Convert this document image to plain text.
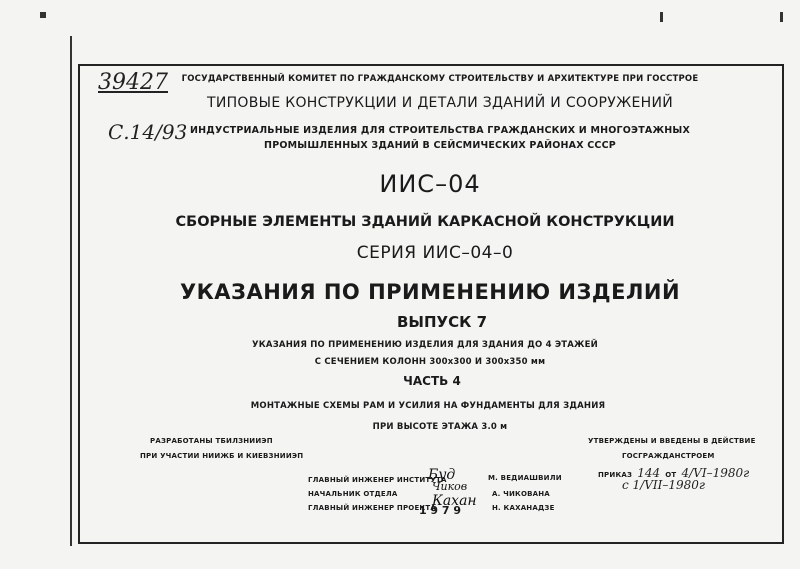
39427
С.14/93
ГОСУДАРСТВЕННЫЙ КОМИТЕТ ПО ГРАЖДАНСКОМУ СТРОИТЕЛЬСТВУ И АРХИТЕКТУРЕ ПРИ ГОССТРОЕ
ТИПОВЫЕ КОНСТРУКЦИИ И ДЕТАЛИ ЗДАНИЙ И СООРУЖЕНИЙ
ИНДУСТРИАЛЬНЫЕ ИЗДЕЛИЯ ДЛЯ СТРОИТЕЛЬСТВА ГРАЖДАНСКИХ И МНОГОЭТАЖНЫХ
ПРОМЫШЛЕННЫХ ЗДАНИЙ В СЕЙСМИЧЕСКИХ РАЙОНАХ СССР
ИИС–04
СБОРНЫЕ ЭЛЕМЕНТЫ ЗДАНИЙ КАРКАСНОЙ КОНСТРУКЦИИ
СЕРИЯ ИИС–04–0
УКАЗАНИЯ ПО ПРИМЕНЕНИЮ ИЗДЕЛИЙ
ВЫПУСК 7
УКАЗАНИЯ ПО ПРИМЕНЕНИЮ ИЗДЕЛИЯ ДЛЯ ЗДАНИЯ ДО 4 ЭТАЖЕЙ
С СЕЧЕНИЕМ КОЛОНН 300х300 И 300х350 мм
ЧАСТЬ 4
МОНТАЖНЫЕ СХЕМЫ РАМ И УСИЛИЯ НА ФУНДАМЕНТЫ ДЛЯ ЗДАНИЯ
ПРИ ВЫСОТЕ ЭТАЖА 3.0 м
РАЗРАБОТАНЫ ТБИЛЗНИИЭП
ПРИ УЧАСТИИ НИИЖБ И КИЕВЗНИИЭП
УТВЕРЖДЕНЫ И ВВЕДЕНЫ В ДЕЙСТВИЕ
ГОСГРАЖДАНСТРОЕМ
ПРИКАЗ 144 ОТ 4/VI–1980г
с 1/VII–1980г
ГЛАВНЫЙ ИНЖЕНЕР ИНСТИТУТА
Буд	М. ВЕДИАШВИЛИ
НАЧАЛЬНИК ОТДЕЛА
Чиков
А. ЧИКОВАНА
ГЛАВНЫЙ ИНЖЕНЕР ПРОЕКТА
Кахан Н. КАХАНАДЗЕ
1 9 7 9
